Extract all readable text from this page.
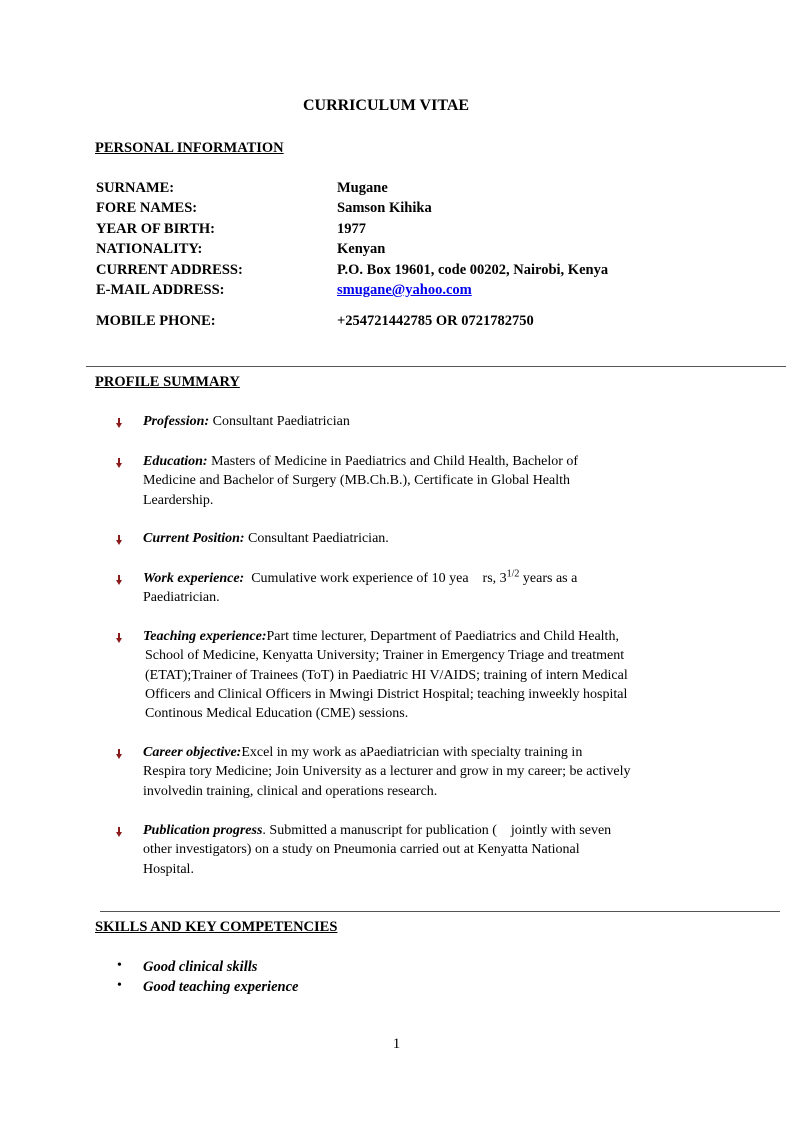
CURRICULUM VITAE
PERSONAL INFORMATION
SURNAME:	Mugane
FORE NAMES:	Samson Kihika
YEAR OF BIRTH:	1977
NATIONALITY:	Kenyan
CURRENT ADDRESS:	P.O. Box 19601, code 00202, Nairobi, Kenya
E-MAIL ADDRESS:	smugane@yahoo.com
MOBILE PHONE:	+254721442785 OR 0721782750
PROFILE SUMMARY
Profession: Consultant Paediatrician
Education: Masters of Medicine in Paediatrics and Child Health, Bachelor of
Medicine and Bachelor of Surgery (MB.Ch.B.), Certificate in Global Health
Leardership.
Current Position: Consultant Paediatrician.
Work experience:  Cumulative work experience of 10 yea    rs, $3^{1/2}$ years as a
Paediatrician.
Teaching experience:Part time lecturer, Department of Paediatrics and Child Health,
School of Medicine, Kenyatta University; Trainer in Emergency Triage and treatment
(ETAT);Trainer of Trainees (ToT) in Paediatric HI V/AIDS; training of intern Medical
Officers and Clinical Officers in Mwingi District Hospital; teaching inweekly hospital
Continous Medical Education (CME) sessions.
Career objective:Excel in my work as aPaediatrician with specialty training in
Respira tory Medicine; Join University as a lecturer and grow in my career; be actively
involvedin training, clinical and operations research.
Publication progress. Submitted a manuscript for publication (    jointly with seven
other investigators) on a study on Pneumonia carried out at Kenyatta National
Hospital.
SKILLS AND KEY COMPETENCIES
• Good clinical skills
• Good teaching experience
1
